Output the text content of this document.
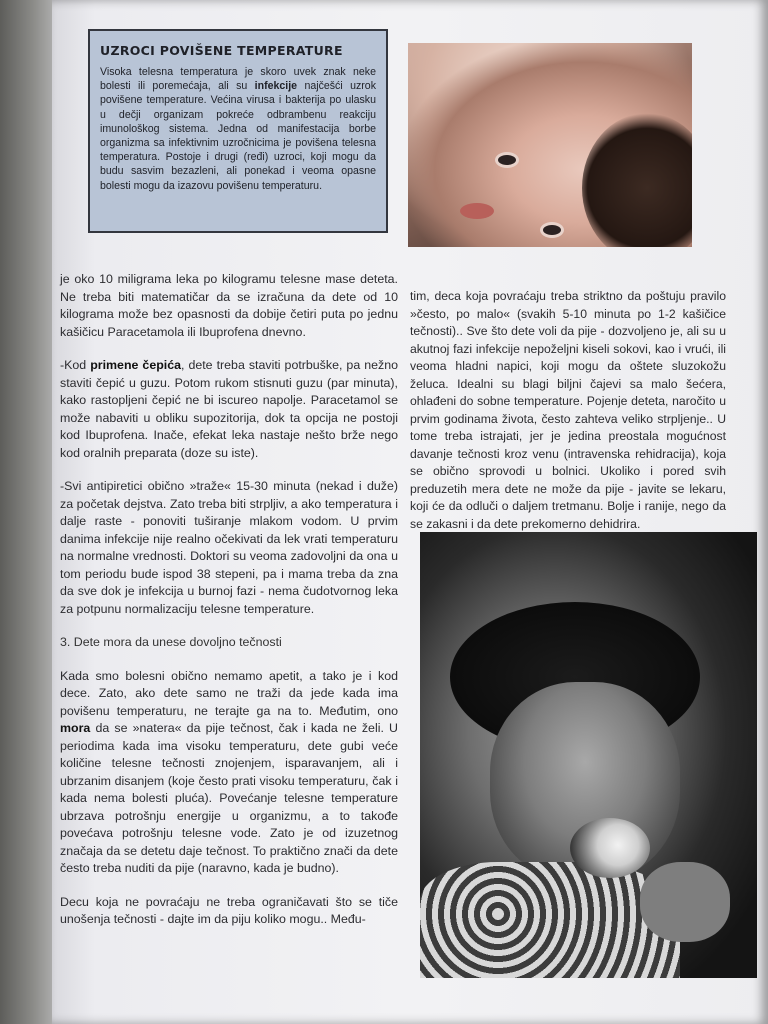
UZROCI POVIŠENE TEMPERATURE

Visoka telesna temperatura je skoro uvek znak neke bolesti ili poremećaja, ali su infekcije najčešći uzrok povišene temperature. Većina virusa i bakterija po ulasku u dečji organizam pokreće odbrambenu reakciju imunološkog sistema. Jedna od manifestacija borbe organizma sa infektivnim uzročnicima je povišena telesna temperatura. Postoje i drugi (ređi) uzroci, koji mogu da budu sasvim bezazleni, ali ponekad i veoma opasne bolesti mogu da izazovu povišenu temperaturu.

je oko 10 miligrama leka po kilogramu telesne mase deteta. Ne treba biti matematičar da se izračuna da dete od 10 kilograma može bez opasnosti da dobije četiri puta po jednu kašičicu Paracetamola ili Ibuprofena dnevno.

-Kod primene čepića, dete treba staviti potrbuške, pa nežno staviti čepić u guzu. Potom rukom stisnuti guzu (par minuta), kako rastopljeni čepić ne bi iscureo napolje. Paracetamol se može nabaviti u obliku supozitorija, dok ta opcija ne postoji kod Ibuprofena. Inače, efekat leka nastaje nešto brže nego kod oralnih preparata (doze su iste).

-Svi antipiretici obično »traže« 15-30 minuta (nekad i duže) za početak dejstva. Zato treba biti strpljiv, a ako temperatura i dalje raste - ponoviti tuširanje mlakom vodom. U prvim danima infekcije nije realno očekivati da lek vrati temperaturu na normalne vrednosti. Doktori su veoma zadovoljni da ona u tom periodu bude ispod 38 stepeni, pa i mama treba da zna da sve dok je infekcija u burnoj fazi - nema čudotvornog leka za potpunu normalizaciju telesne temperature.

3. Dete mora da unese dovoljno tečnosti

Kada smo bolesni obično nemamo apetit, a tako je i kod dece. Zato, ako dete samo ne traži da jede kada ima povišenu temperaturu, ne terajte ga na to. Međutim, ono mora da se »natera« da pije tečnost, čak i kada ne želi. U periodima kada ima visoku temperaturu, dete gubi veće količine telesne tečnosti znojenjem, isparavanjem, ali i ubrzanim disanjem (koje često prati visoku temperaturu, čak i kada nema bolesti pluća). Povećanje telesne temperature ubrzava potrošnju energije u organizmu, a to takođe povećava potrošnju telesne vode. Zato je od izuzetnog značaja da se detetu daje tečnost. To praktično znači da dete često treba nuditi da pije (naravno, kada je budno).

Decu koja ne povraćaju ne treba ograničavati što se tiče unošenja tečnosti - dajte im da piju koliko mogu.. Među-

tim, deca koja povraćaju treba striktno da poštuju pravilo »često, po malo« (svakih 5-10 minuta po 1-2 kašičice tečnosti).. Sve što dete voli da pije - dozvoljeno je, ali su u akutnoj fazi infekcije nepoželjni kiseli sokovi, kao i vrući, ili veoma hladni napici, koji mogu da oštete sluzokožu želuca. Idealni su blagi biljni čajevi sa malo šećera, ohlađeni do sobne temperature. Pojenje deteta, naročito u prvim godinama života, često zahteva veliko strpljenje.. U tome treba istrajati, jer je jedina preostala mogućnost davanje tečnosti kroz venu (intravenska rehidracija), koja se obično sprovodi u bolnici. Ukoliko i pored svih preduzetih mera dete ne može da pije - javite se lekaru, koji će da odluči o daljem tretmanu. Bolje i ranije, nego da se zakasni i da dete prekomerno dehidrira.
